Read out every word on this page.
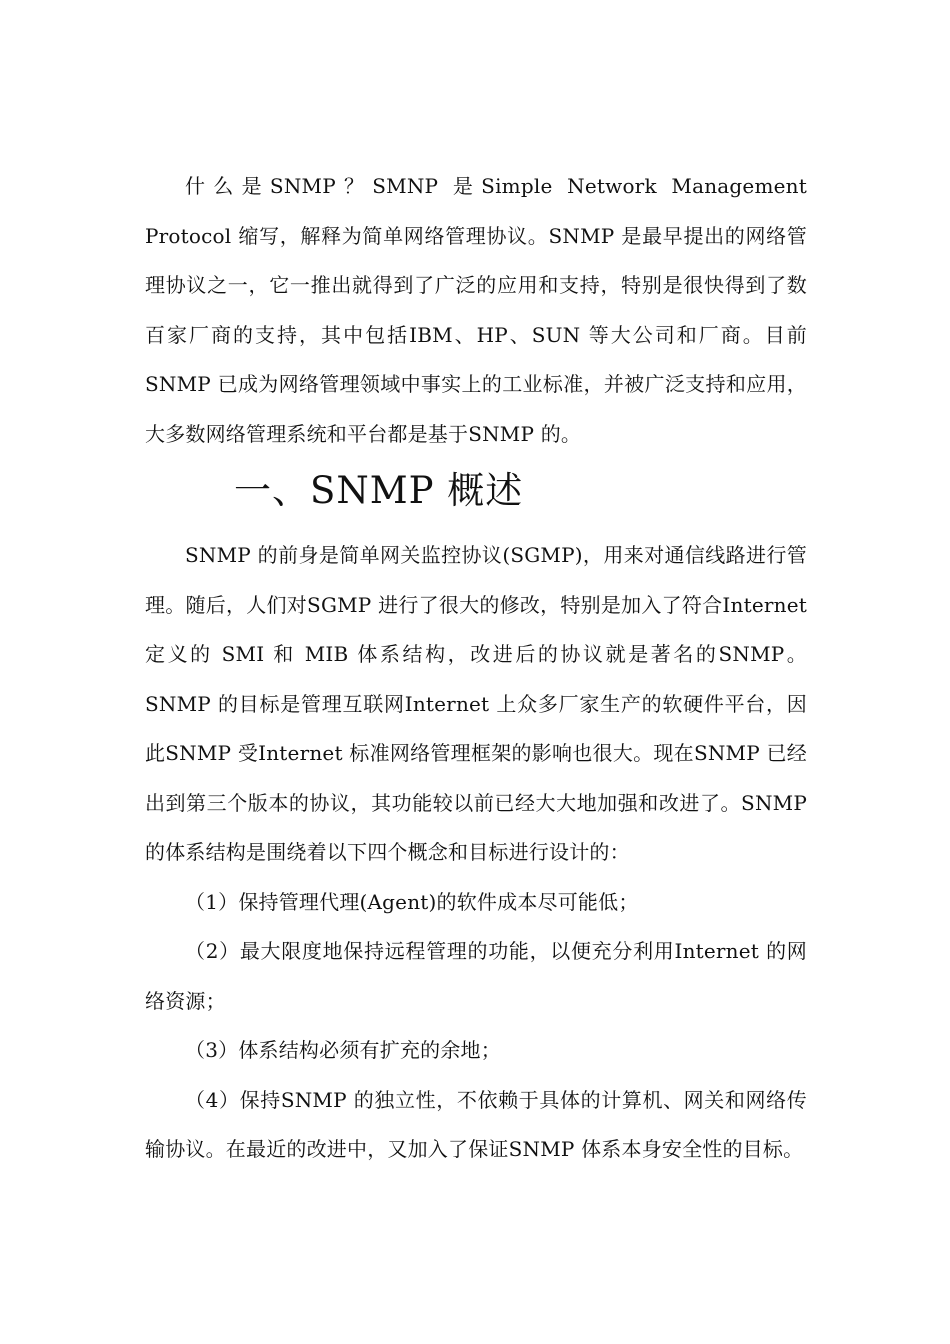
什么是SNMP？SMNP 是Simple Network Management Protocol 缩写，解释为简单网络管理协议。SNMP 是最早提出的网络管理协议之一，它一推出就得到了广泛的应用和支持，特别是很快得到了数百家厂商的支持，其中包括IBM、HP、SUN 等大公司和厂商。目前SNMP 已成为网络管理领域中事实上的工业标准，并被广泛支持和应用，大多数网络管理系统和平台都是基于SNMP 的。

一、SNMP 概述

SNMP 的前身是简单网关监控协议(SGMP)，用来对通信线路进行管理。随后，人们对SGMP 进行了很大的修改，特别是加入了符合Internet 定义的 SMI 和 MIB 体系结构，改进后的协议就是著名的SNMP。SNMP 的目标是管理互联网Internet 上众多厂家生产的软硬件平台，因此SNMP 受Internet 标准网络管理框架的影响也很大。现在SNMP 已经出到第三个版本的协议，其功能较以前已经大大地加强和改进了。SNMP 的体系结构是围绕着以下四个概念和目标进行设计的：

（1）保持管理代理(Agent)的软件成本尽可能低；

（2）最大限度地保持远程管理的功能，以便充分利用Internet 的网络资源；

（3）体系结构必须有扩充的余地；

（4）保持SNMP 的独立性，不依赖于具体的计算机、网关和网络传输协议。在最近的改进中，又加入了保证SNMP 体系本身安全性的目标。
